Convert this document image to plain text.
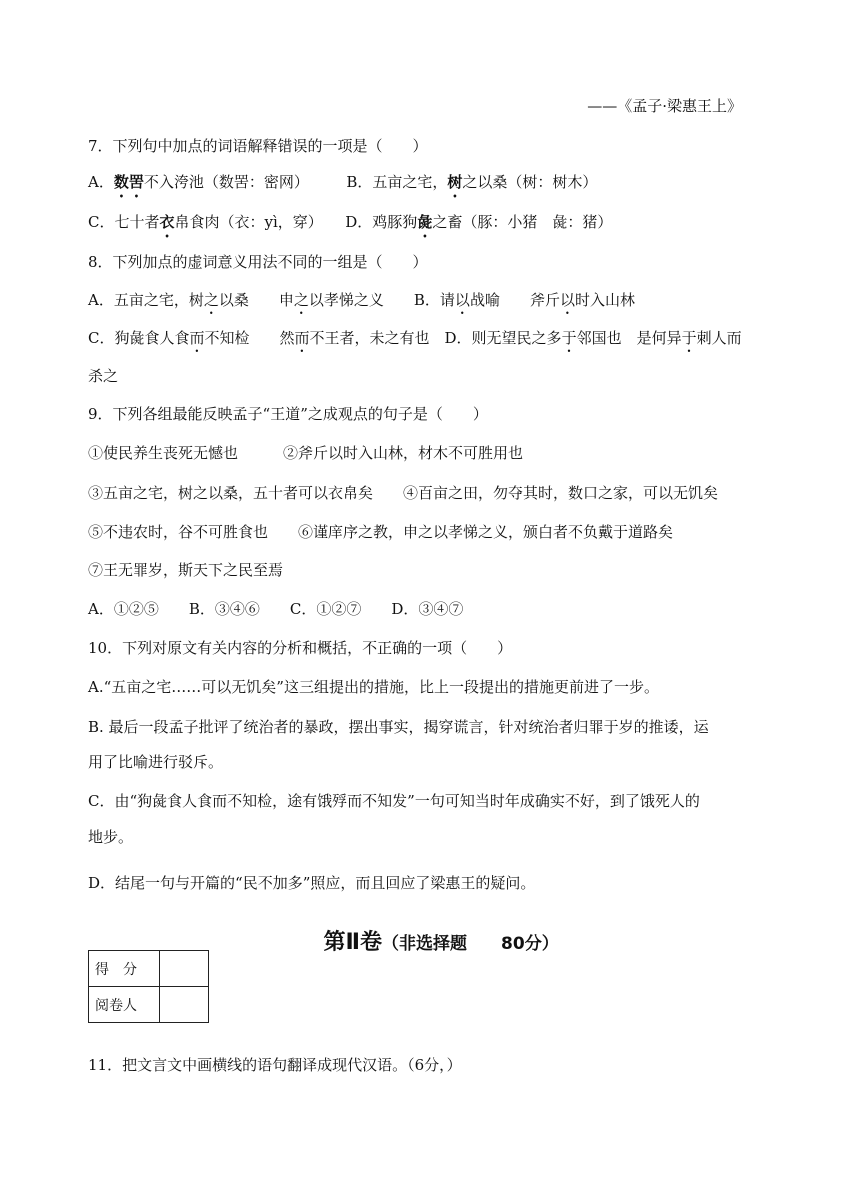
——《孟子·梁惠王上》
7．下列句中加点的词语解释错误的一项是（　　）
A．数罟不入洿池（数罟：密网）　　　B．五亩之宅，树之以桑（树：树木）
C．七十者衣帛食肉（衣：yì，穿）　　D．鸡豚狗彘之畜（豚：小猪　彘：猪）
8．下列加点的虚词意义用法不同的一组是（　　）
A．五亩之宅，树之以桑　　申之以孝悌之义　　B．请以战喻　　斧斤以时入山林
C．狗彘食人食而不知检　　然而不王者，未之有也　D．则无望民之多于邻国也　是何异于刺人而
杀之
9．下列各组最能反映孟子“王道”之成观点的句子是（　　）
①使民养生丧死无憾也　　　②斧斤以时入山林，材木不可胜用也
③五亩之宅，树之以桑，五十者可以衣帛矣　　④百亩之田，勿夺其时，数口之家，可以无饥矣
⑤不违农时，谷不可胜食也　　⑥谨庠序之教，申之以孝悌之义，颁白者不负戴于道路矣
⑦王无罪岁，斯天下之民至焉
A．①②⑤　　B．③④⑥　　C．①②⑦　　D．③④⑦
10．下列对原文有关内容的分析和概括，不正确的一项（　　）
A.“五亩之宅……可以无饥矣”这三组提出的措施，比上一段提出的措施更前进了一步。
B. 最后一段孟子批评了统治者的暴政，摆出事实，揭穿谎言，针对统治者归罪于岁的推诿，运
用了比喻进行驳斥。
C．由“狗彘食人食而不知检，途有饿殍而不知发”一句可知当时年成确实不好，到了饿死人的
地步。
D．结尾一句与开篇的“民不加多”照应，而且回应了梁惠王的疑问。

第Ⅱ卷（非选择题　　80分）

得　分	
阅卷人	
11．把文言文中画横线的语句翻译成现代汉语。（6分，）
